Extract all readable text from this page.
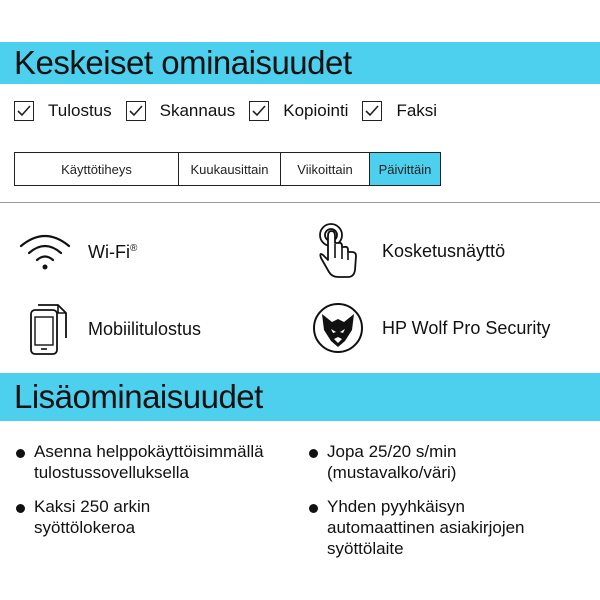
Keskeiset ominaisuudet
Tulostus	Skannaus	Kopiointi	Faksi
Käyttötiheys	Kuukausittain	Viikoittain	Päivittäin
Wi-Fi®	Kosketusnäyttö
Mobiilitulostus	HP Wolf Pro Security
Lisäominaisuudet
Asenna helppokäyttöisimmällä
tulostussovelluksella
Kaksi 250 arkin
syöttölokeroa
Jopa 25/20 s/min
(mustavalko/väri)
Yhden pyyhkäisyn
automaattinen asiakirjojen
syöttölaite
